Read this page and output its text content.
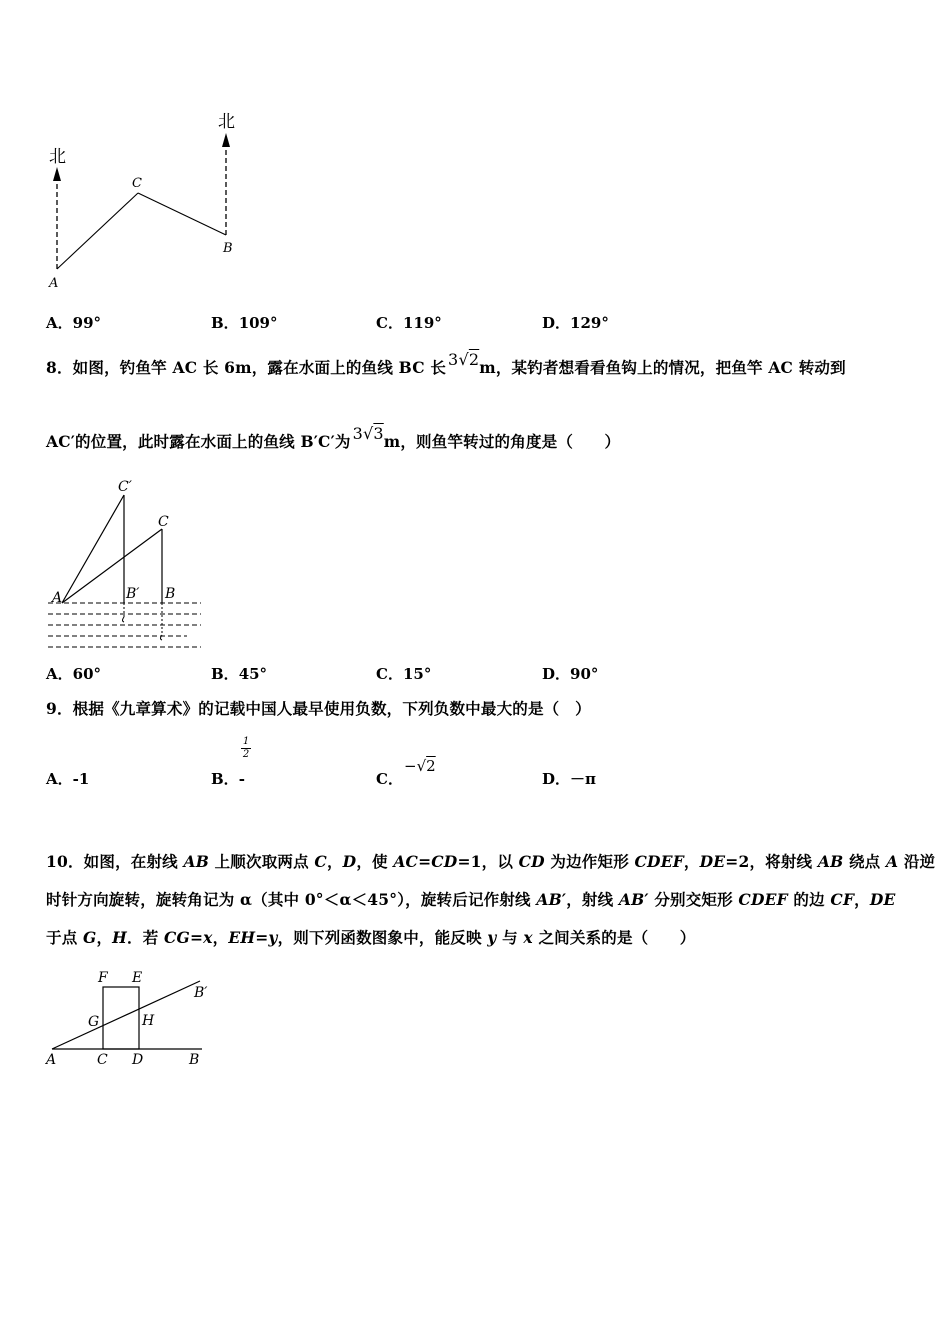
北
北
A
C
B
A．99°	B．109°	C．119°	D．129°
8．如图，钓鱼竿 AC 长 6m，露在水面上的鱼线 BC 长 3√2m，某钓者想看看鱼钩上的情况，把鱼竿 AC 转动到
AC′的位置，此时露在水面上的鱼线 B′C′为 3√3m，则鱼竿转过的角度是（　　）
C′
C
A	B′ B
A．60°	B．45°	C．15°	D．90°
9．根据《九章算术》的记载中国人最早使用负数，下列负数中最大的是（　）
A．-1	B．-
1
2
C．
−√2
D．－π
10．如图，在射线 AB 上顺次取两点 C，D，使 AC=CD=1，以 CD 为边作矩形 CDEF，DE=2，将射线 AB 绕点 A 沿逆
时针方向旋转，旋转角记为 α（其中 0°＜α＜45°），旋转后记作射线 AB′，射线 AB′ 分别交矩形 CDEF 的边 CF，DE
于点 G，H．若 CG=x，EH=y，则下列函数图象中，能反映 y 与 x 之间关系的是（　　）
F E
B′
G	H
A	C D	B
